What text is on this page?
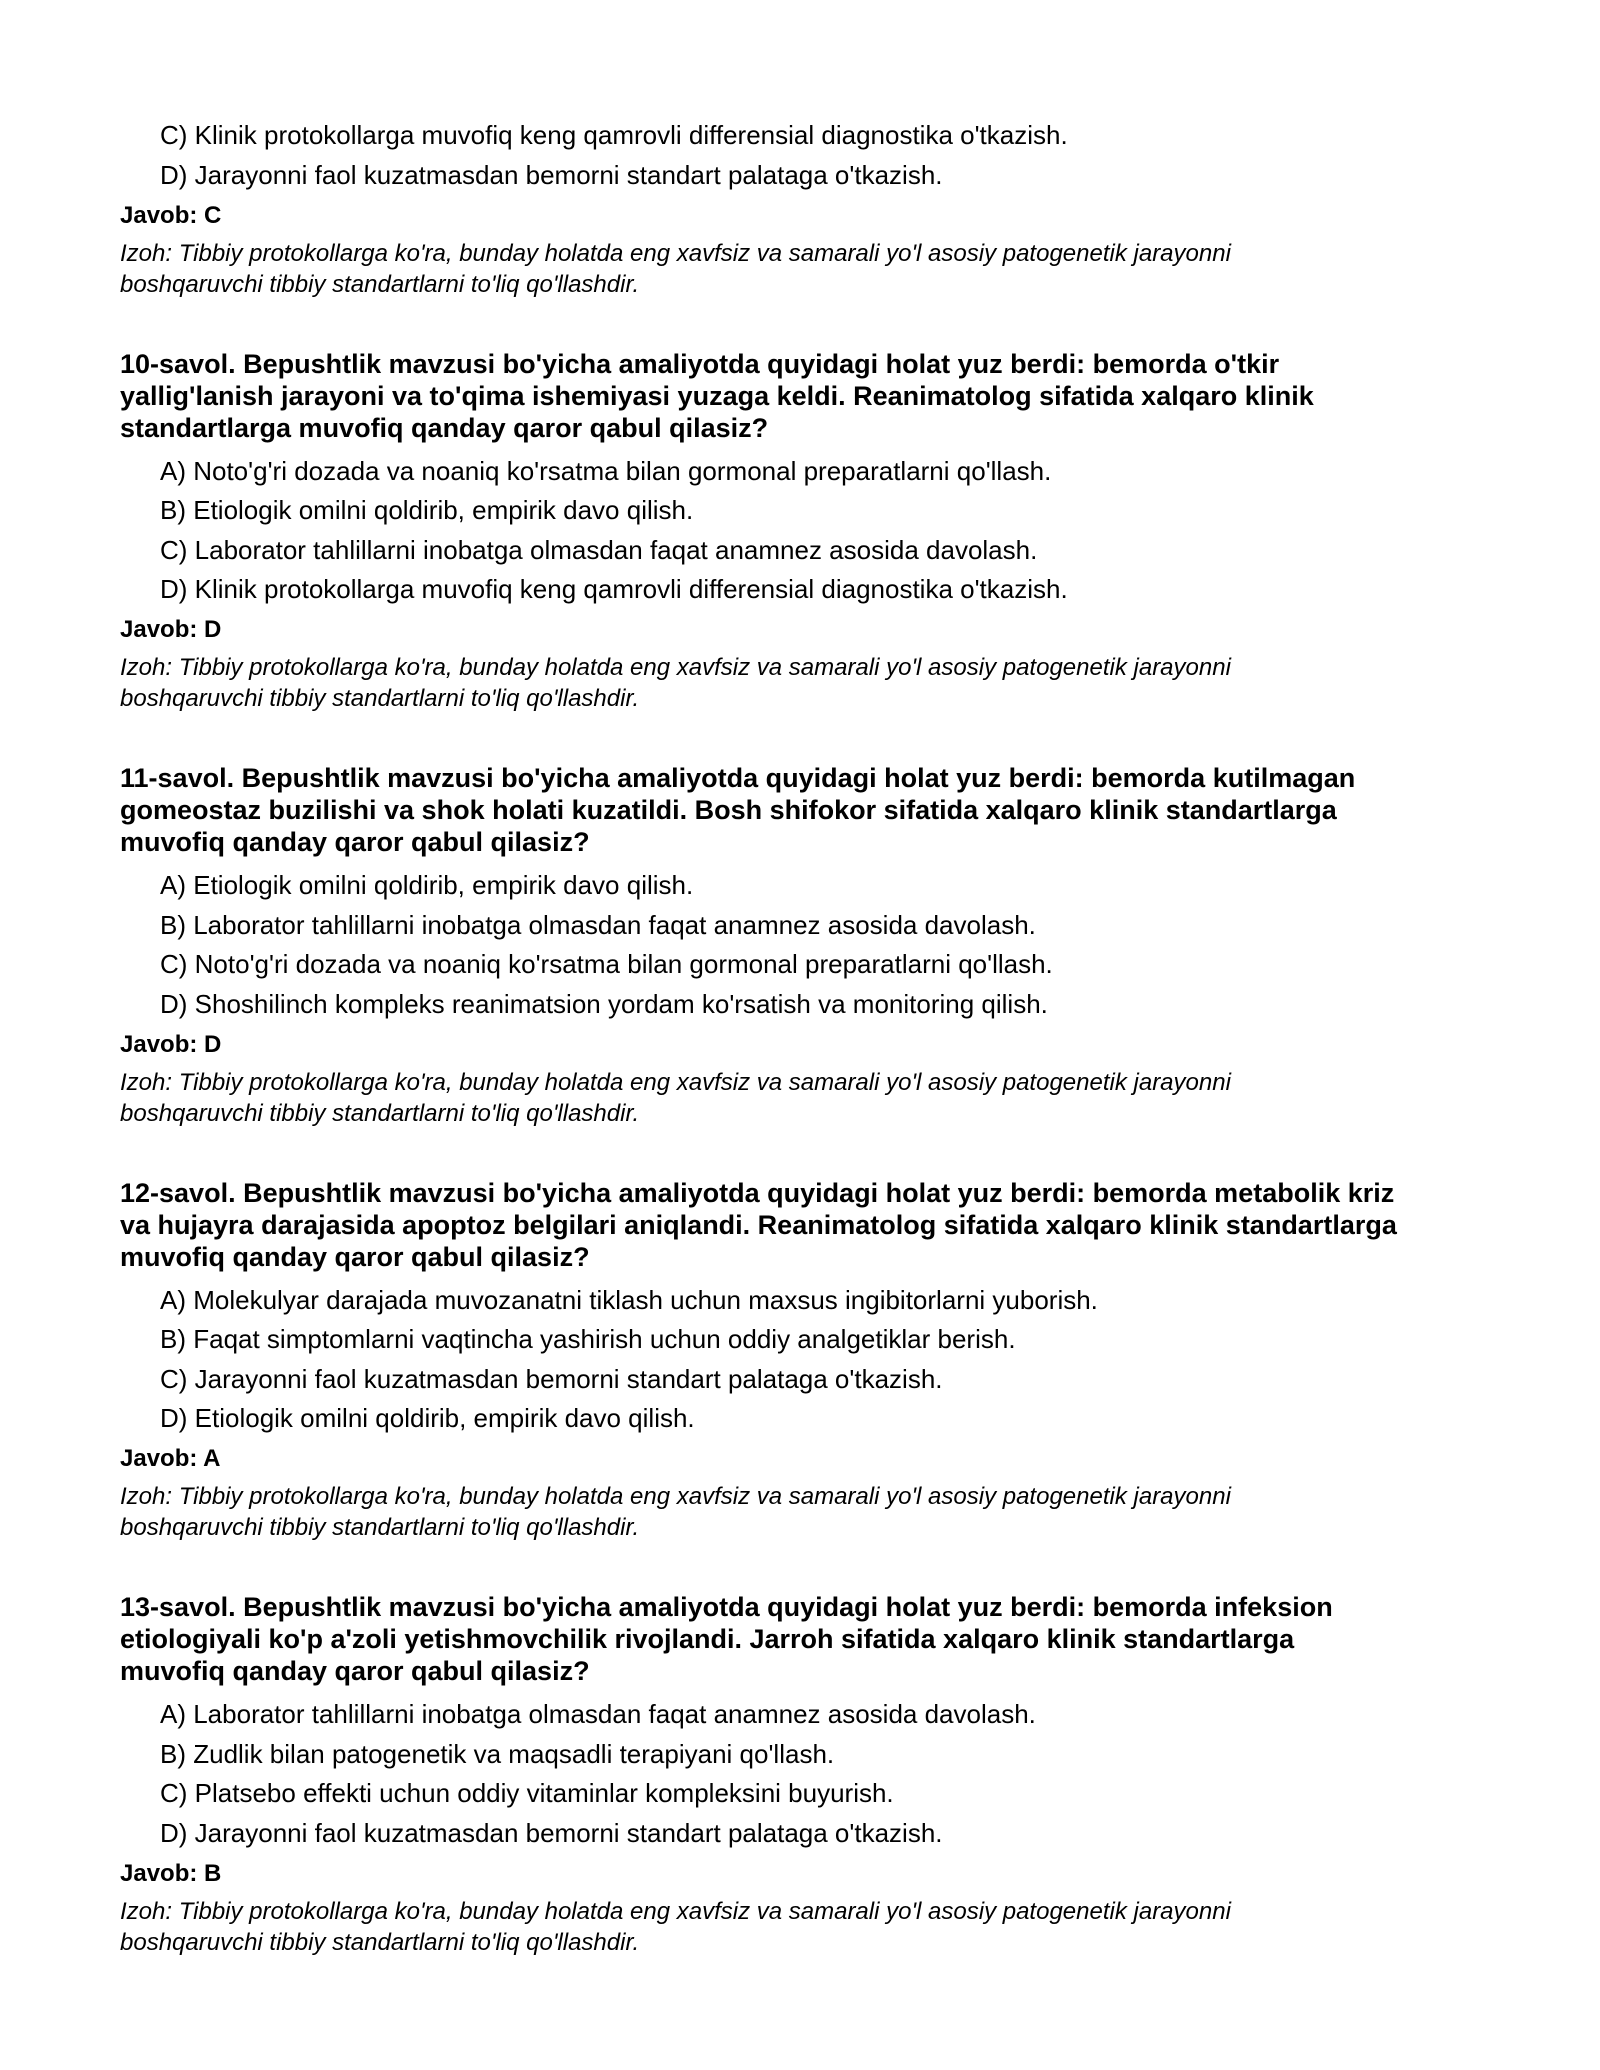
C) Klinik protokollarga muvofiq keng qamrovli differensial diagnostika o'tkazish.
D) Jarayonni faol kuzatmasdan bemorni standart palataga o'tkazish.
Javob: C
Izoh: Tibbiy protokollarga ko'ra, bunday holatda eng xavfsiz va samarali yo'l asosiy patogenetik jarayonni
boshqaruvchi tibbiy standartlarni to'liq qo'llashdir.
10-savol. Bepushtlik mavzusi bo'yicha amaliyotda quyidagi holat yuz berdi: bemorda o'tkir
yallig'lanish jarayoni va to'qima ishemiyasi yuzaga keldi. Reanimatolog sifatida xalqaro klinik
standartlarga muvofiq qanday qaror qabul qilasiz?
A) Noto'g'ri dozada va noaniq ko'rsatma bilan gormonal preparatlarni qo'llash.
B) Etiologik omilni qoldirib, empirik davo qilish.
C) Laborator tahlillarni inobatga olmasdan faqat anamnez asosida davolash.
D) Klinik protokollarga muvofiq keng qamrovli differensial diagnostika o'tkazish.
Javob: D
Izoh: Tibbiy protokollarga ko'ra, bunday holatda eng xavfsiz va samarali yo'l asosiy patogenetik jarayonni
boshqaruvchi tibbiy standartlarni to'liq qo'llashdir.
11-savol. Bepushtlik mavzusi bo'yicha amaliyotda quyidagi holat yuz berdi: bemorda kutilmagan
gomeostaz buzilishi va shok holati kuzatildi. Bosh shifokor sifatida xalqaro klinik standartlarga
muvofiq qanday qaror qabul qilasiz?
A) Etiologik omilni qoldirib, empirik davo qilish.
B) Laborator tahlillarni inobatga olmasdan faqat anamnez asosida davolash.
C) Noto'g'ri dozada va noaniq ko'rsatma bilan gormonal preparatlarni qo'llash.
D) Shoshilinch kompleks reanimatsion yordam ko'rsatish va monitoring qilish.
Javob: D
Izoh: Tibbiy protokollarga ko'ra, bunday holatda eng xavfsiz va samarali yo'l asosiy patogenetik jarayonni
boshqaruvchi tibbiy standartlarni to'liq qo'llashdir.
12-savol. Bepushtlik mavzusi bo'yicha amaliyotda quyidagi holat yuz berdi: bemorda metabolik kriz
va hujayra darajasida apoptoz belgilari aniqlandi. Reanimatolog sifatida xalqaro klinik standartlarga
muvofiq qanday qaror qabul qilasiz?
A) Molekulyar darajada muvozanatni tiklash uchun maxsus ingibitorlarni yuborish.
B) Faqat simptomlarni vaqtincha yashirish uchun oddiy analgetiklar berish.
C) Jarayonni faol kuzatmasdan bemorni standart palataga o'tkazish.
D) Etiologik omilni qoldirib, empirik davo qilish.
Javob: A
Izoh: Tibbiy protokollarga ko'ra, bunday holatda eng xavfsiz va samarali yo'l asosiy patogenetik jarayonni
boshqaruvchi tibbiy standartlarni to'liq qo'llashdir.
13-savol. Bepushtlik mavzusi bo'yicha amaliyotda quyidagi holat yuz berdi: bemorda infeksion
etiologiyali ko'p a'zoli yetishmovchilik rivojlandi. Jarroh sifatida xalqaro klinik standartlarga
muvofiq qanday qaror qabul qilasiz?
A) Laborator tahlillarni inobatga olmasdan faqat anamnez asosida davolash.
B) Zudlik bilan patogenetik va maqsadli terapiyani qo'llash.
C) Platsebo effekti uchun oddiy vitaminlar kompleksini buyurish.
D) Jarayonni faol kuzatmasdan bemorni standart palataga o'tkazish.
Javob: B
Izoh: Tibbiy protokollarga ko'ra, bunday holatda eng xavfsiz va samarali yo'l asosiy patogenetik jarayonni
boshqaruvchi tibbiy standartlarni to'liq qo'llashdir.
